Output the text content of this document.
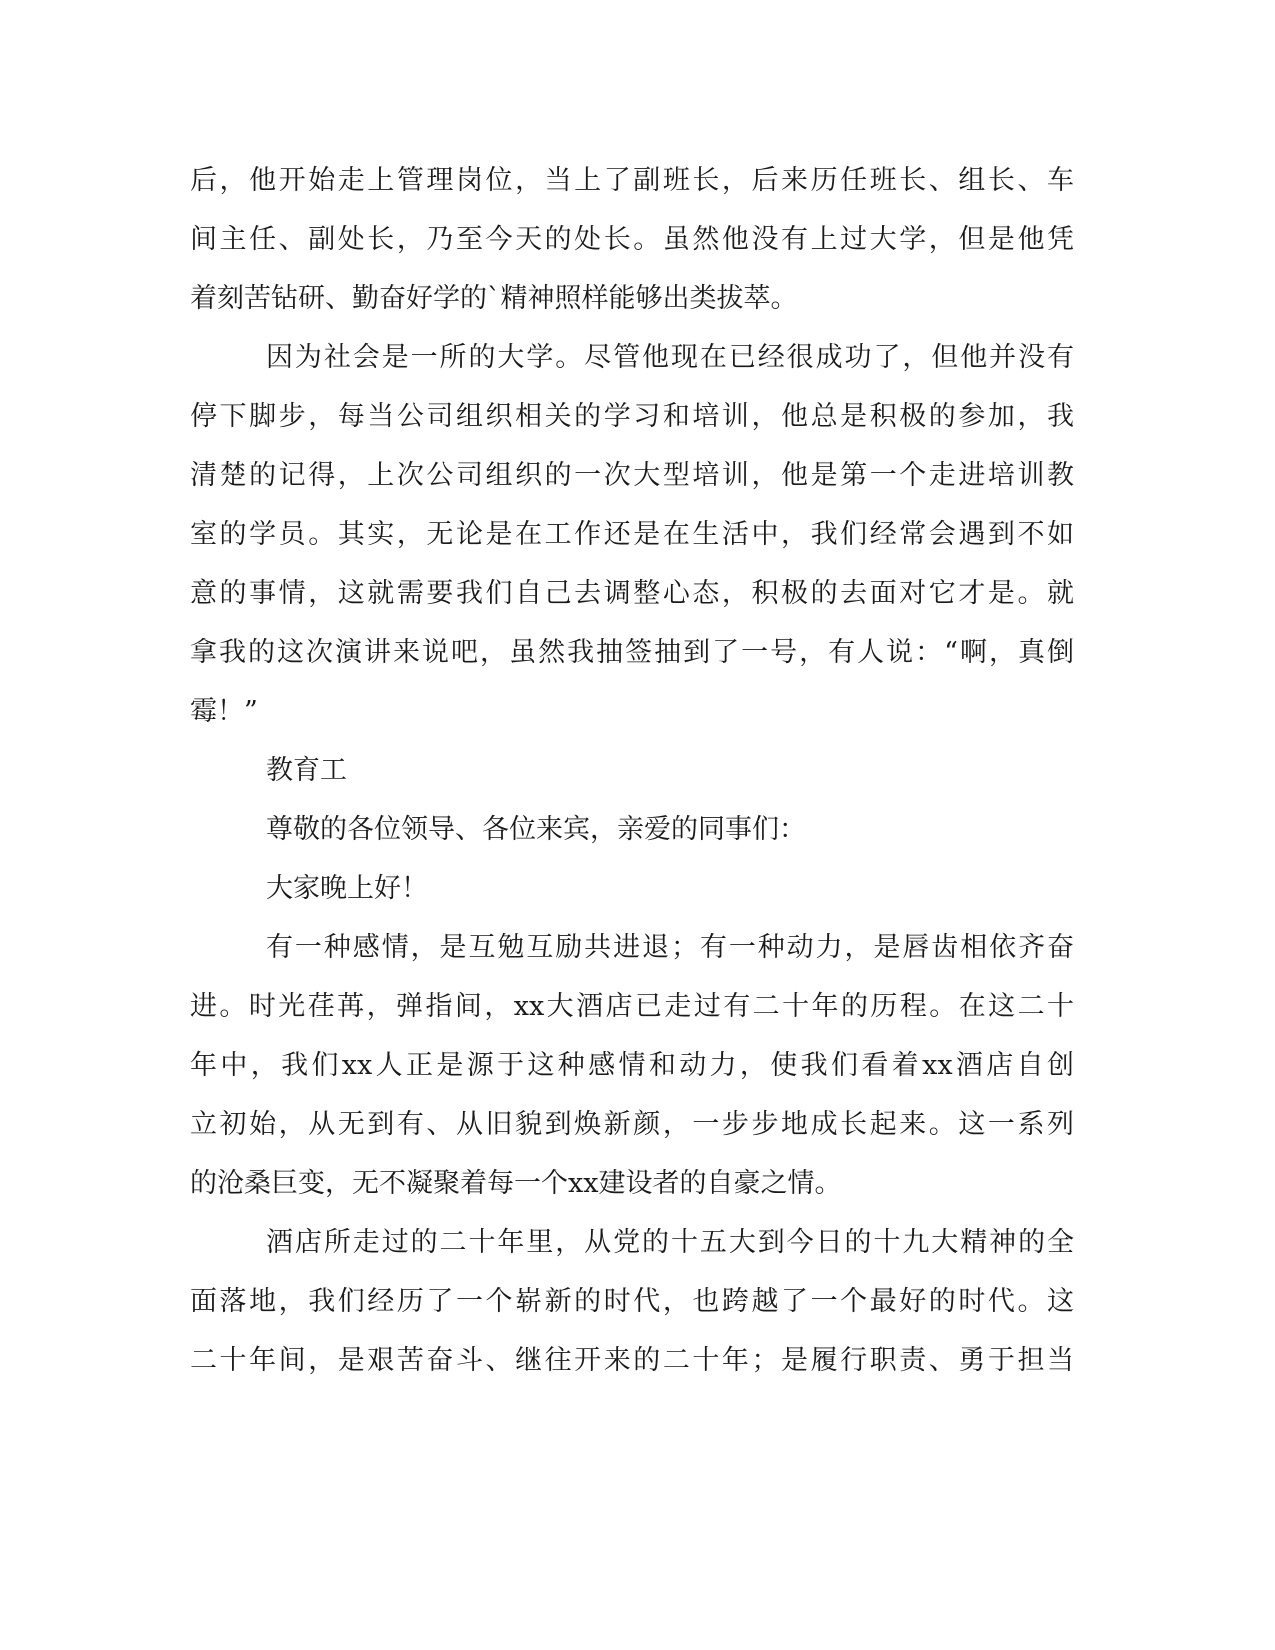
后，他开始走上管理岗位，当上了副班长，后来历任班长、组长、车
间主任、副处长，乃至今天的处长。虽然他没有上过大学，但是他凭
着刻苦钻研、勤奋好学的`精神照样能够出类拔萃。
因为社会是一所的大学。尽管他现在已经很成功了，但他并没有
停下脚步，每当公司组织相关的学习和培训，他总是积极的参加，我
清楚的记得，上次公司组织的一次大型培训，他是第一个走进培训教
室的学员。其实，无论是在工作还是在生活中，我们经常会遇到不如
意的事情，这就需要我们自己去调整心态，积极的去面对它才是。就
拿我的这次演讲来说吧，虽然我抽签抽到了一号，有人说：“啊，真倒
霉！”
教育工
尊敬的各位领导、各位来宾，亲爱的同事们：
大家晚上好！
有一种感情，是互勉互励共进退；有一种动力，是唇齿相依齐奋
进。时光荏苒，弹指间，xx大酒店已走过有二十年的历程。在这二十
年中，我们xx人正是源于这种感情和动力，使我们看着xx酒店自创
立初始，从无到有、从旧貌到焕新颜，一步步地成长起来。这一系列
的沧桑巨变，无不凝聚着每一个xx建设者的自豪之情。
酒店所走过的二十年里，从党的十五大到今日的十九大精神的全
面落地，我们经历了一个崭新的时代，也跨越了一个最好的时代。这
二十年间，是艰苦奋斗、继往开来的二十年；是履行职责、勇于担当
